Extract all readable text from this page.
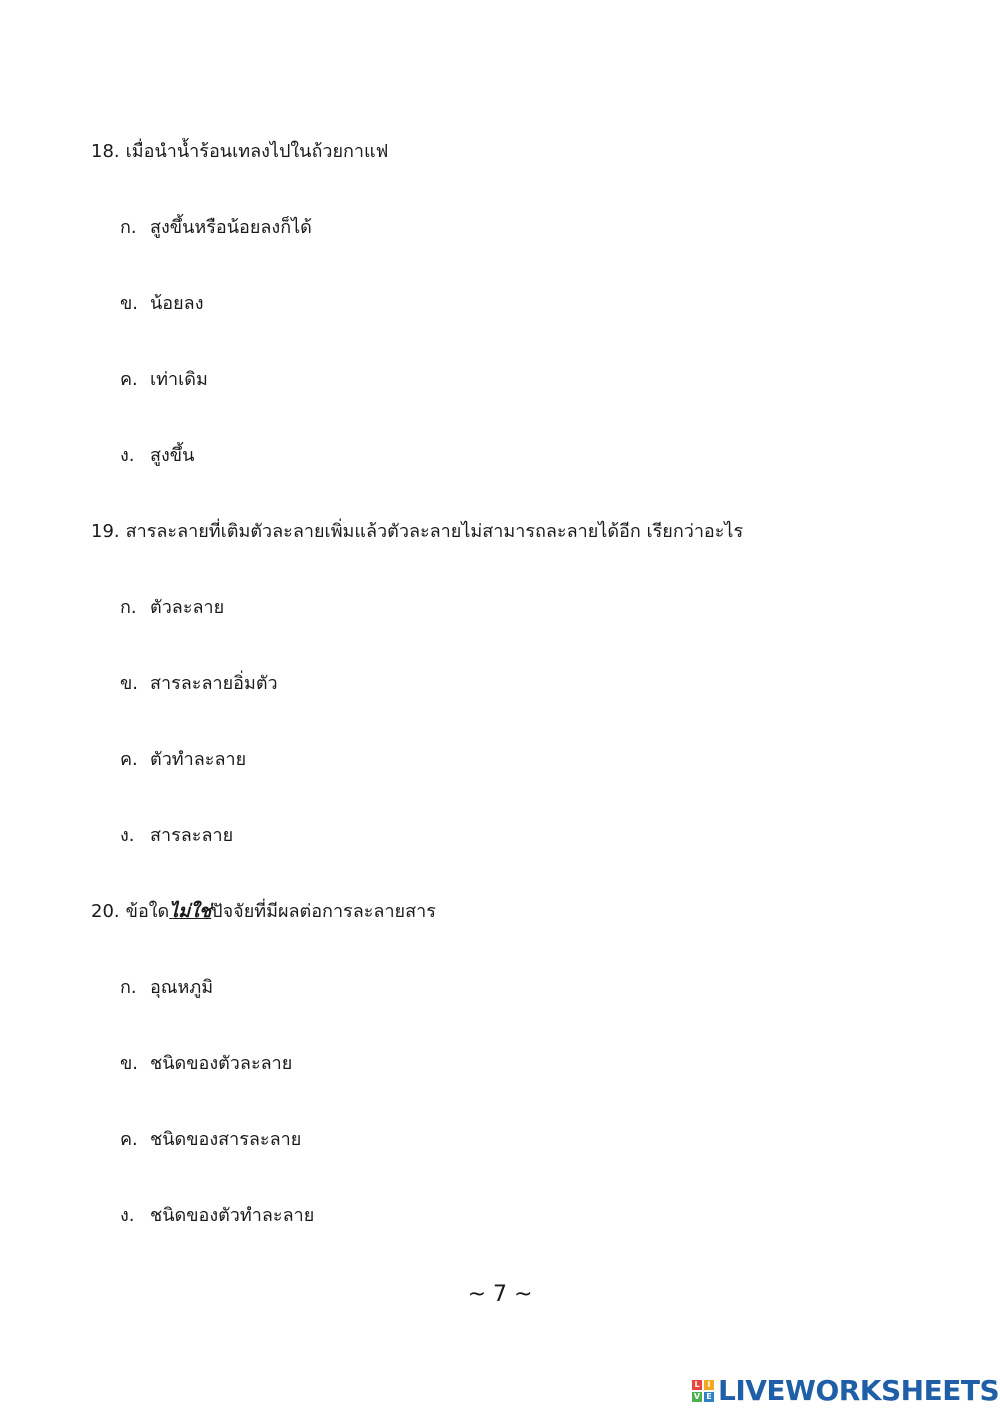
18. เมื่อนำน้ำร้อนเทลงไปในถ้วยกาแฟ
ก. สูงขึ้นหรือน้อยลงก็ได้
ข. น้อยลง
ค. เท่าเดิม
ง. สูงขึ้น
19. สารละลายที่เติมตัวละลายเพิ่มแล้วตัวละลายไม่สามารถละลายได้อีก เรียกว่าอะไร
ก. ตัวละลาย
ข. สารละลายอิ่มตัว
ค. ตัวทำละลาย
ง. สารละลาย
20. ข้อใดไม่ใช่ปัจจัยที่มีผลต่อการละลายสาร
ก. อุณหภูมิ
ข. ชนิดของตัวละลาย
ค. ชนิดของสารละลาย
ง. ชนิดของตัวทำละลาย
~ 7 ~
L I
V E LIVEWORKSHEETS
